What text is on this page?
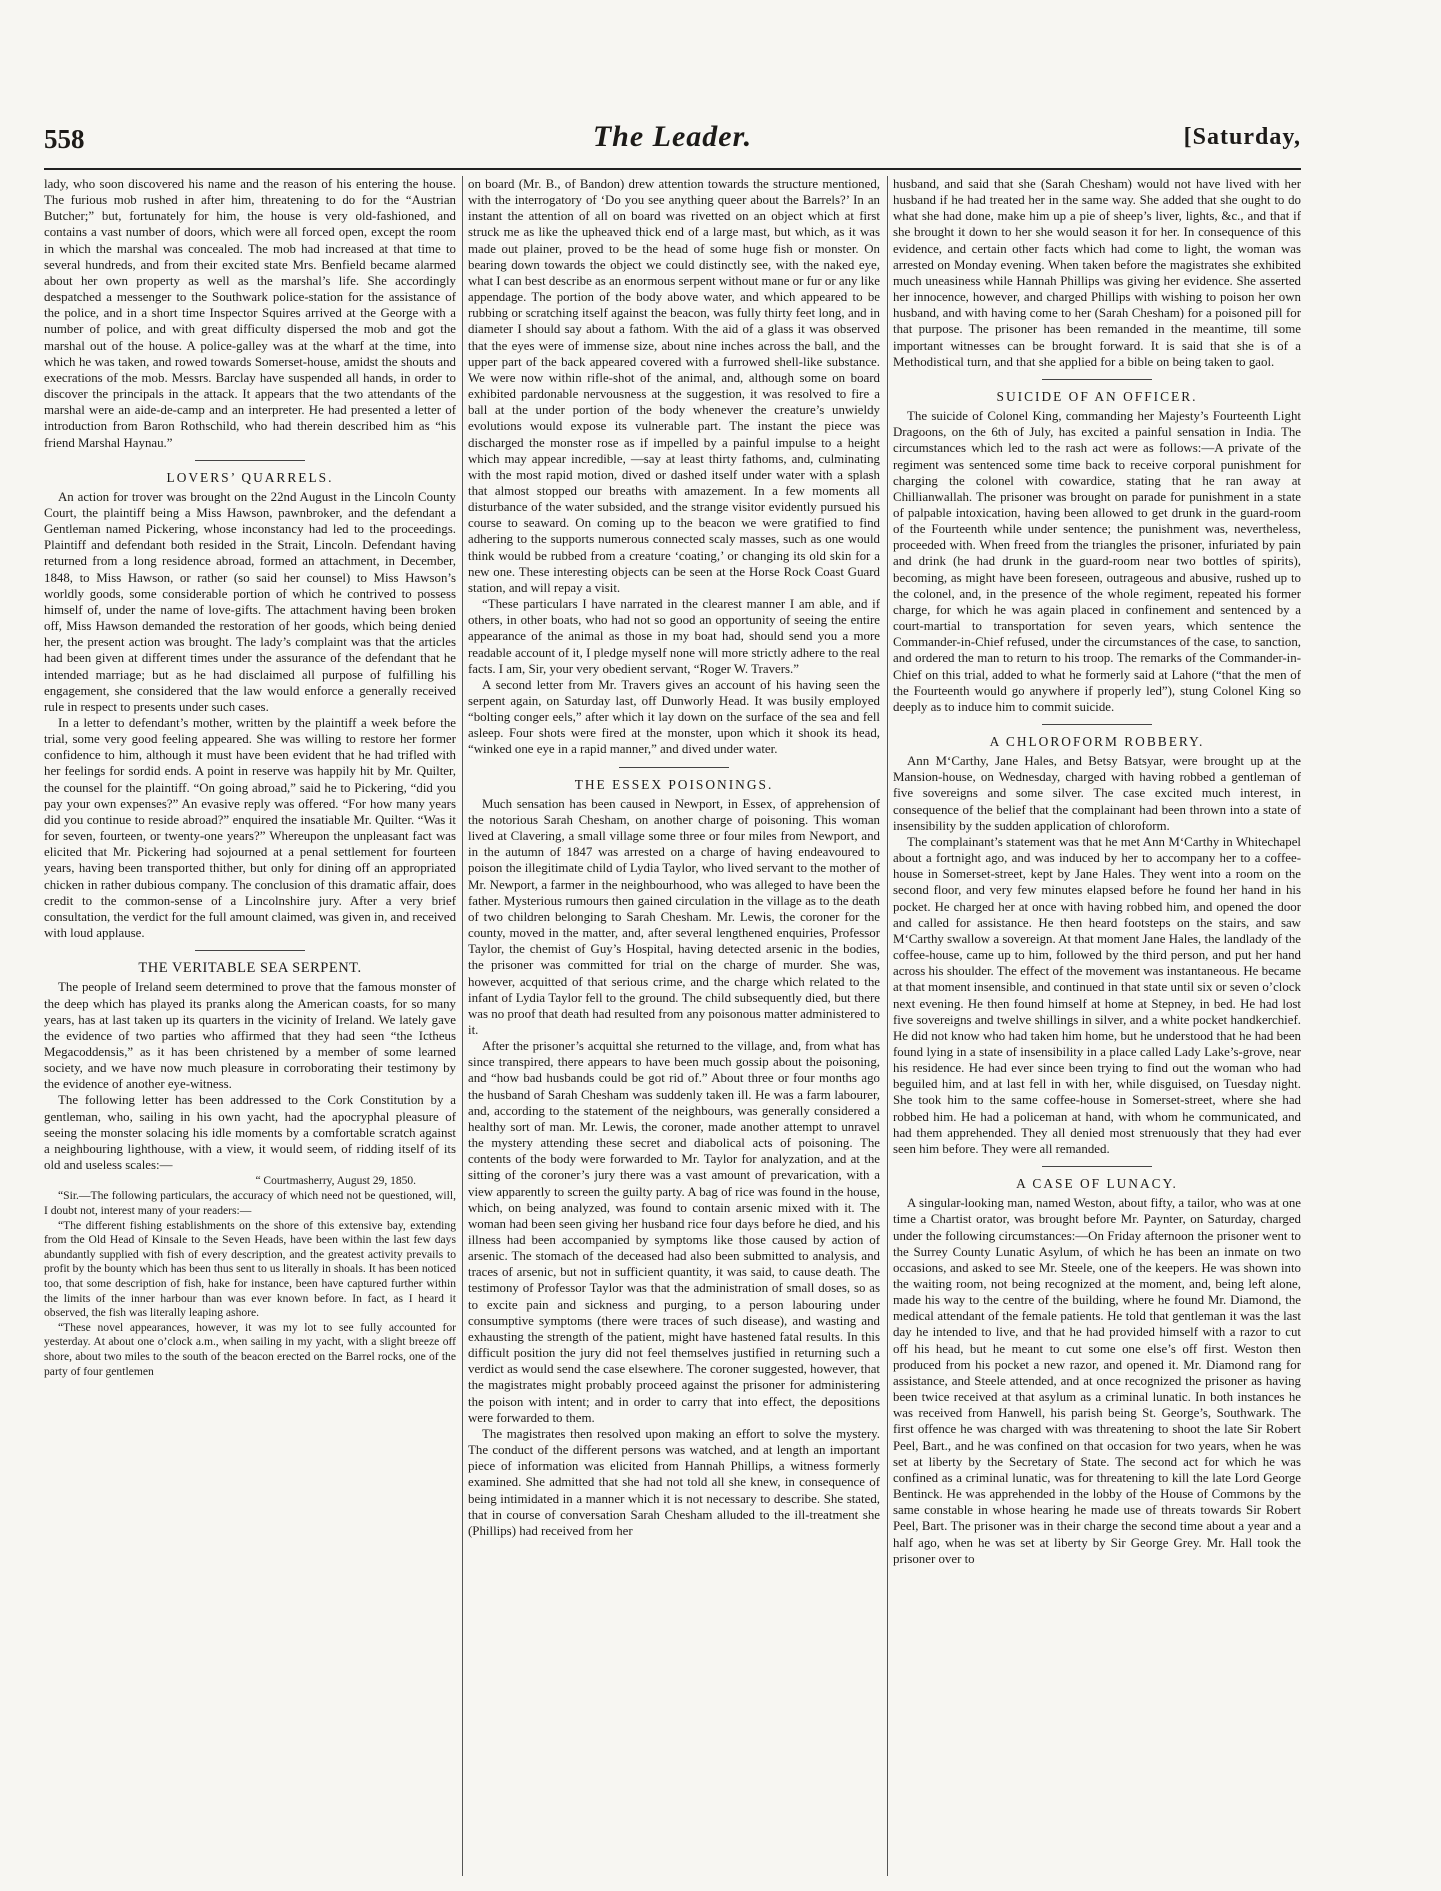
558	The Leader.	[Saturday,

lady, who soon discovered his name and the reason of his entering the house. The furious mob rushed in after him, threatening to do for the “Austrian Butcher;” but, fortunately for him, the house is very old-fashioned, and contains a vast number of doors, which were all forced open, except the room in which the marshal was concealed. The mob had increased at that time to several hundreds, and from their excited state Mrs. Benfield became alarmed about her own property as well as the marshal’s life. She accordingly despatched a messenger to the Southwark police-station for the assistance of the police, and in a short time Inspector Squires arrived at the George with a number of police, and with great difficulty dispersed the mob and got the marshal out of the house. A police-galley was at the wharf at the time, into which he was taken, and rowed towards Somerset-house, amidst the shouts and execrations of the mob. Messrs. Barclay have suspended all hands, in order to discover the principals in the attack. It appears that the two attendants of the marshal were an aide-de-camp and an interpreter. He had presented a letter of introduction from Baron Rothschild, who had therein described him as “his friend Marshal Haynau.”

LOVERS’ QUARRELS.

An action for trover was brought on the 22nd August in the Lincoln County Court, the plaintiff being a Miss Hawson, pawnbroker, and the defendant a Gentleman named Pickering, whose inconstancy had led to the proceedings. Plaintiff and defendant both resided in the Strait, Lincoln. Defendant having returned from a long residence abroad, formed an attachment, in December, 1848, to Miss Hawson, or rather (so said her counsel) to Miss Hawson’s worldly goods, some considerable portion of which he contrived to possess himself of, under the name of love-gifts. The attachment having been broken off, Miss Hawson demanded the restoration of her goods, which being denied her, the present action was brought. The lady’s complaint was that the articles had been given at different times under the assurance of the defendant that he intended marriage; but as he had disclaimed all purpose of fulfilling his engagement, she considered that the law would enforce a generally received rule in respect to presents under such cases.

In a letter to defendant’s mother, written by the plaintiff a week before the trial, some very good feeling appeared. She was willing to restore her former confidence to him, although it must have been evident that he had trifled with her feelings for sordid ends. A point in reserve was happily hit by Mr. Quilter, the counsel for the plaintiff. “On going abroad,” said he to Pickering, “did you pay your own expenses?” An evasive reply was offered. “For how many years did you continue to reside abroad?” enquired the insatiable Mr. Quilter. “Was it for seven, fourteen, or twenty-one years?” Whereupon the unpleasant fact was elicited that Mr. Pickering had sojourned at a penal settlement for fourteen years, having been transported thither, but only for dining off an appropriated chicken in rather dubious company. The conclusion of this dramatic affair, does credit to the common-sense of a Lincolnshire jury. After a very brief consultation, the verdict for the full amount claimed, was given in, and received with loud applause.

THE VERITABLE SEA SERPENT.

The people of Ireland seem determined to prove that the famous monster of the deep which has played its pranks along the American coasts, for so many years, has at last taken up its quarters in the vicinity of Ireland. We lately gave the evidence of two parties who affirmed that they had seen “the Ictheus Megacoddensis,” as it has been christened by a member of some learned society, and we have now much pleasure in corroborating their testimony by the evidence of another eye-witness.

The following letter has been addressed to the Cork Constitution by a gentleman, who, sailing in his own yacht, had the apocryphal pleasure of seeing the monster solacing his idle moments by a comfortable scratch against a neighbouring lighthouse, with a view, it would seem, of ridding itself of its old and useless scales:—

“ Courtmasherry, August 29, 1850.

“Sir.—The following particulars, the accuracy of which need not be questioned, will, I doubt not, interest many of your readers:—

“The different fishing establishments on the shore of this extensive bay, extending from the Old Head of Kinsale to the Seven Heads, have been within the last few days abundantly supplied with fish of every description, and the greatest activity prevails to profit by the bounty which has been thus sent to us literally in shoals. It has been noticed too, that some description of fish, hake for instance, been have captured further within the limits of the inner harbour than was ever known before. In fact, as I heard it observed, the fish was literally leaping ashore.

“These novel appearances, however, it was my lot to see fully accounted for yesterday. At about one o’clock a.m., when sailing in my yacht, with a slight breeze off shore, about two miles to the south of the beacon erected on the Barrel rocks, one of the party of four gentlemen

on board (Mr. B., of Bandon) drew attention towards the structure mentioned, with the interrogatory of ‘Do you see anything queer about the Barrels?’ In an instant the attention of all on board was rivetted on an object which at first struck me as like the upheaved thick end of a large mast, but which, as it was made out plainer, proved to be the head of some huge fish or monster. On bearing down towards the object we could distinctly see, with the naked eye, what I can best describe as an enormous serpent without mane or fur or any like appendage. The portion of the body above water, and which appeared to be rubbing or scratching itself against the beacon, was fully thirty feet long, and in diameter I should say about a fathom. With the aid of a glass it was observed that the eyes were of immense size, about nine inches across the ball, and the upper part of the back appeared covered with a furrowed shell-like substance. We were now within rifle-shot of the animal, and, although some on board exhibited pardonable nervousness at the suggestion, it was resolved to fire a ball at the under portion of the body whenever the creature’s unwieldy evolutions would expose its vulnerable part. The instant the piece was discharged the monster rose as if impelled by a painful impulse to a height which may appear incredible, —say at least thirty fathoms, and, culminating with the most rapid motion, dived or dashed itself under water with a splash that almost stopped our breaths with amazement. In a few moments all disturbance of the water subsided, and the strange visitor evidently pursued his course to seaward. On coming up to the beacon we were gratified to find adhering to the supports numerous connected scaly masses, such as one would think would be rubbed from a creature ‘coating,’ or changing its old skin for a new one. These interesting objects can be seen at the Horse Rock Coast Guard station, and will repay a visit.

“These particulars I have narrated in the clearest manner I am able, and if others, in other boats, who had not so good an opportunity of seeing the entire appearance of the animal as those in my boat had, should send you a more readable account of it, I pledge myself none will more strictly adhere to the real facts. I am, Sir, your very obedient servant, “Roger W. Travers.”

A second letter from Mr. Travers gives an account of his having seen the serpent again, on Saturday last, off Dunworly Head. It was busily employed “bolting conger eels,” after which it lay down on the surface of the sea and fell asleep. Four shots were fired at the monster, upon which it shook its head, “winked one eye in a rapid manner,” and dived under water.

THE ESSEX POISONINGS.

Much sensation has been caused in Newport, in Essex, of apprehension of the notorious Sarah Chesham, on another charge of poisoning. This woman lived at Clavering, a small village some three or four miles from Newport, and in the autumn of 1847 was arrested on a charge of having endeavoured to poison the illegitimate child of Lydia Taylor, who lived servant to the mother of Mr. Newport, a farmer in the neighbourhood, who was alleged to have been the father. Mysterious rumours then gained circulation in the village as to the death of two children belonging to Sarah Chesham. Mr. Lewis, the coroner for the county, moved in the matter, and, after several lengthened enquiries, Professor Taylor, the chemist of Guy’s Hospital, having detected arsenic in the bodies, the prisoner was committed for trial on the charge of murder. She was, however, acquitted of that serious crime, and the charge which related to the infant of Lydia Taylor fell to the ground. The child subsequently died, but there was no proof that death had resulted from any poisonous matter administered to it.

After the prisoner’s acquittal she returned to the village, and, from what has since transpired, there appears to have been much gossip about the poisoning, and “how bad husbands could be got rid of.” About three or four months ago the husband of Sarah Chesham was suddenly taken ill. He was a farm labourer, and, according to the statement of the neighbours, was generally considered a healthy sort of man. Mr. Lewis, the coroner, made another attempt to unravel the mystery attending these secret and diabolical acts of poisoning. The contents of the body were forwarded to Mr. Taylor for analyzation, and at the sitting of the coroner’s jury there was a vast amount of prevarication, with a view apparently to screen the guilty party. A bag of rice was found in the house, which, on being analyzed, was found to contain arsenic mixed with it. The woman had been seen giving her husband rice four days before he died, and his illness had been accompanied by symptoms like those caused by action of arsenic. The stomach of the deceased had also been submitted to analysis, and traces of arsenic, but not in sufficient quantity, it was said, to cause death. The testimony of Professor Taylor was that the administration of small doses, so as to excite pain and sickness and purging, to a person labouring under consumptive symptoms (there were traces of such disease), and wasting and exhausting the strength of the patient, might have hastened fatal results. In this difficult position the jury did not feel themselves justified in returning such a verdict as would send the case elsewhere. The coroner suggested, however, that the magistrates might probably proceed against the prisoner for administering the poison with intent; and in order to carry that into effect, the depositions were forwarded to them.

The magistrates then resolved upon making an effort to solve the mystery. The conduct of the different persons was watched, and at length an important piece of information was elicited from Hannah Phillips, a witness formerly examined. She admitted that she had not told all she knew, in consequence of being intimidated in a manner which it is not necessary to describe. She stated, that in course of conversation Sarah Chesham alluded to the ill-treatment she (Phillips) had received from her

husband, and said that she (Sarah Chesham) would not have lived with her husband if he had treated her in the same way. She added that she ought to do what she had done, make him up a pie of sheep’s liver, lights, &c., and that if she brought it down to her she would season it for her. In consequence of this evidence, and certain other facts which had come to light, the woman was arrested on Monday evening. When taken before the magistrates she exhibited much uneasiness while Hannah Phillips was giving her evidence. She asserted her innocence, however, and charged Phillips with wishing to poison her own husband, and with having come to her (Sarah Chesham) for a poisoned pill for that purpose. The prisoner has been remanded in the meantime, till some important witnesses can be brought forward. It is said that she is of a Methodistical turn, and that she applied for a bible on being taken to gaol.

SUICIDE OF AN OFFICER.

The suicide of Colonel King, commanding her Majesty’s Fourteenth Light Dragoons, on the 6th of July, has excited a painful sensation in India. The circumstances which led to the rash act were as follows:—A private of the regiment was sentenced some time back to receive corporal punishment for charging the colonel with cowardice, stating that he ran away at Chillianwallah. The prisoner was brought on parade for punishment in a state of palpable intoxication, having been allowed to get drunk in the guard-room of the Fourteenth while under sentence; the punishment was, nevertheless, proceeded with. When freed from the triangles the prisoner, infuriated by pain and drink (he had drunk in the guard-room near two bottles of spirits), becoming, as might have been foreseen, outrageous and abusive, rushed up to the colonel, and, in the presence of the whole regiment, repeated his former charge, for which he was again placed in confinement and sentenced by a court-martial to transportation for seven years, which sentence the Commander-in-Chief refused, under the circumstances of the case, to sanction, and ordered the man to return to his troop. The remarks of the Commander-in-Chief on this trial, added to what he formerly said at Lahore (“that the men of the Fourteenth would go anywhere if properly led”), stung Colonel King so deeply as to induce him to commit suicide.

A CHLOROFORM ROBBERY.

Ann M‘Carthy, Jane Hales, and Betsy Batsyar, were brought up at the Mansion-house, on Wednesday, charged with having robbed a gentleman of five sovereigns and some silver. The case excited much interest, in consequence of the belief that the complainant had been thrown into a state of insensibility by the sudden application of chloroform.

The complainant’s statement was that he met Ann M‘Carthy in Whitechapel about a fortnight ago, and was induced by her to accompany her to a coffee-house in Somerset-street, kept by Jane Hales. They went into a room on the second floor, and very few minutes elapsed before he found her hand in his pocket. He charged her at once with having robbed him, and opened the door and called for assistance. He then heard footsteps on the stairs, and saw M‘Carthy swallow a sovereign. At that moment Jane Hales, the landlady of the coffee-house, came up to him, followed by the third person, and put her hand across his shoulder. The effect of the movement was instantaneous. He became at that moment insensible, and continued in that state until six or seven o’clock next evening. He then found himself at home at Stepney, in bed. He had lost five sovereigns and twelve shillings in silver, and a white pocket handkerchief. He did not know who had taken him home, but he understood that he had been found lying in a state of insensibility in a place called Lady Lake’s-grove, near his residence. He had ever since been trying to find out the woman who had beguiled him, and at last fell in with her, while disguised, on Tuesday night. She took him to the same coffee-house in Somerset-street, where she had robbed him. He had a policeman at hand, with whom he communicated, and had them apprehended. They all denied most strenuously that they had ever seen him before. They were all remanded.

A CASE OF LUNACY.

A singular-looking man, named Weston, about fifty, a tailor, who was at one time a Chartist orator, was brought before Mr. Paynter, on Saturday, charged under the following circumstances:—On Friday afternoon the prisoner went to the Surrey County Lunatic Asylum, of which he has been an inmate on two occasions, and asked to see Mr. Steele, one of the keepers. He was shown into the waiting room, not being recognized at the moment, and, being left alone, made his way to the centre of the building, where he found Mr. Diamond, the medical attendant of the female patients. He told that gentleman it was the last day he intended to live, and that he had provided himself with a razor to cut off his head, but he meant to cut some one else’s off first. Weston then produced from his pocket a new razor, and opened it. Mr. Diamond rang for assistance, and Steele attended, and at once recognized the prisoner as having been twice received at that asylum as a criminal lunatic. In both instances he was received from Hanwell, his parish being St. George’s, Southwark. The first offence he was charged with was threatening to shoot the late Sir Robert Peel, Bart., and he was confined on that occasion for two years, when he was set at liberty by the Secretary of State. The second act for which he was confined as a criminal lunatic, was for threatening to kill the late Lord George Bentinck. He was apprehended in the lobby of the House of Commons by the same constable in whose hearing he made use of threats towards Sir Robert Peel, Bart. The prisoner was in their charge the second time about a year and a half ago, when he was set at liberty by Sir George Grey. Mr. Hall took the prisoner over to
